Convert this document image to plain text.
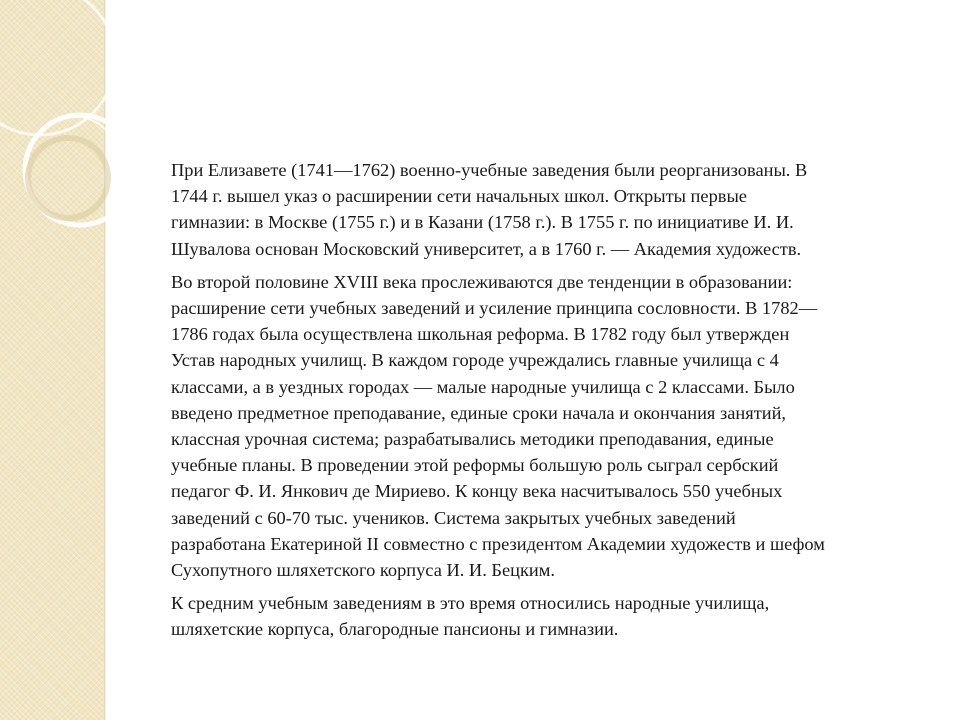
При Елизавете (1741—1762) военно-учебные заведения были реорганизованы. В
1744 г. вышел указ о расширении сети начальных школ. Открыты первые
гимназии: в Москве (1755 г.) и в Казани (1758 г.). В 1755 г. по инициативе И. И.
Шувалова основан Московский университет, а в 1760 г. — Академия художеств.

Во второй половине XVIII века прослеживаются две тенденции в образовании:
расширение сети учебных заведений и усиление принципа сословности. В 1782—
1786 годах была осуществлена школьная реформа. В 1782 году был утвержден
Устав народных училищ. В каждом городе учреждались главные училища с 4
классами, а в уездных городах — малые народные училища с 2 классами. Было
введено предметное преподавание, единые сроки начала и окончания занятий,
классная урочная система; разрабатывались методики преподавания, единые
учебные планы. В проведении этой реформы большую роль сыграл сербский
педагог Ф. И. Янкович де Мириево. К концу века насчитывалось 550 учебных
заведений с 60-70 тыс. учеников. Система закрытых учебных заведений
разработана Екатериной II совместно с президентом Академии художеств и шефом
Сухопутного шляхетского корпуса И. И. Бецким.

К средним учебным заведениям в это время относились народные училища,
шляхетские корпуса, благородные пансионы и гимназии.
